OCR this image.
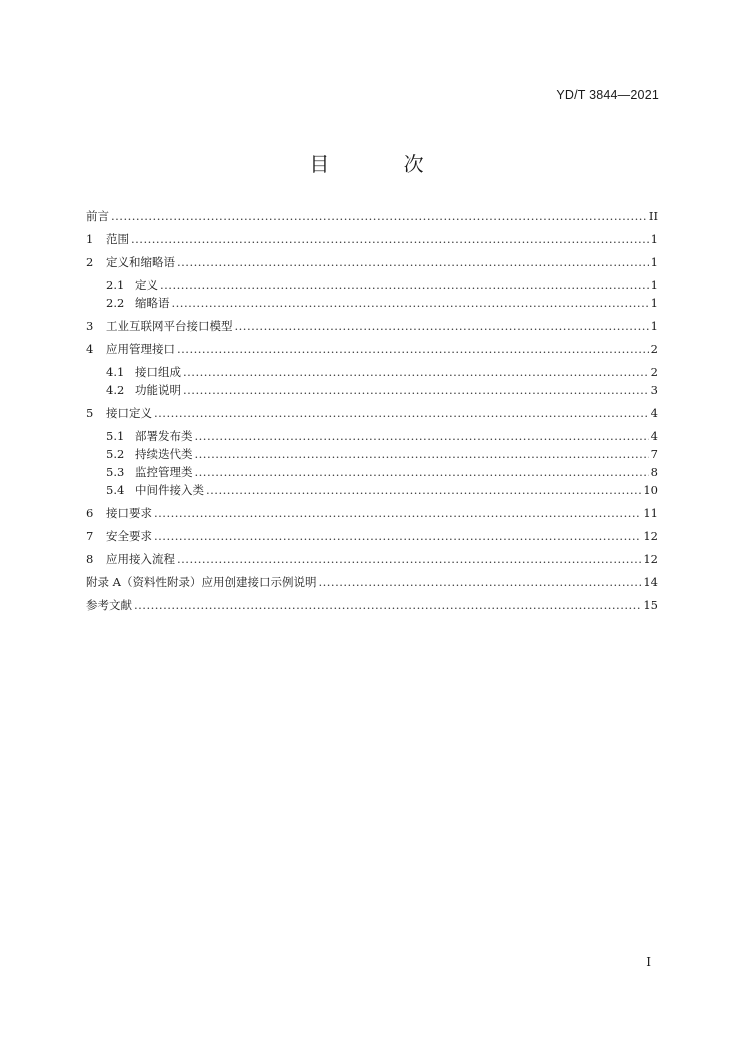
YD/T 3844—2021
目 次
前言 .....	II
1	范围 .....	1
2	定义和缩略语 .....	1
2.1 定义 .....	1
2.2 缩略语 .....	1
3	工业互联网平台接口模型 .....	1
4	应用管理接口 .....	2
4.1 接口组成 .....	2
4.2 功能说明 .....	3
5	接口定义 .....	4
5.1 部署发布类 .....	4
5.2 持续迭代类 .....	7
5.3 监控管理类 .....	8
5.4 中间件接入类 .....	10
6	接口要求 .....	11
7	安全要求 .....	12
8	应用接入流程 .....	12
附录 A（资料性附录）应用创建接口示例说明 .....	14
参考文献 .....	15
I
